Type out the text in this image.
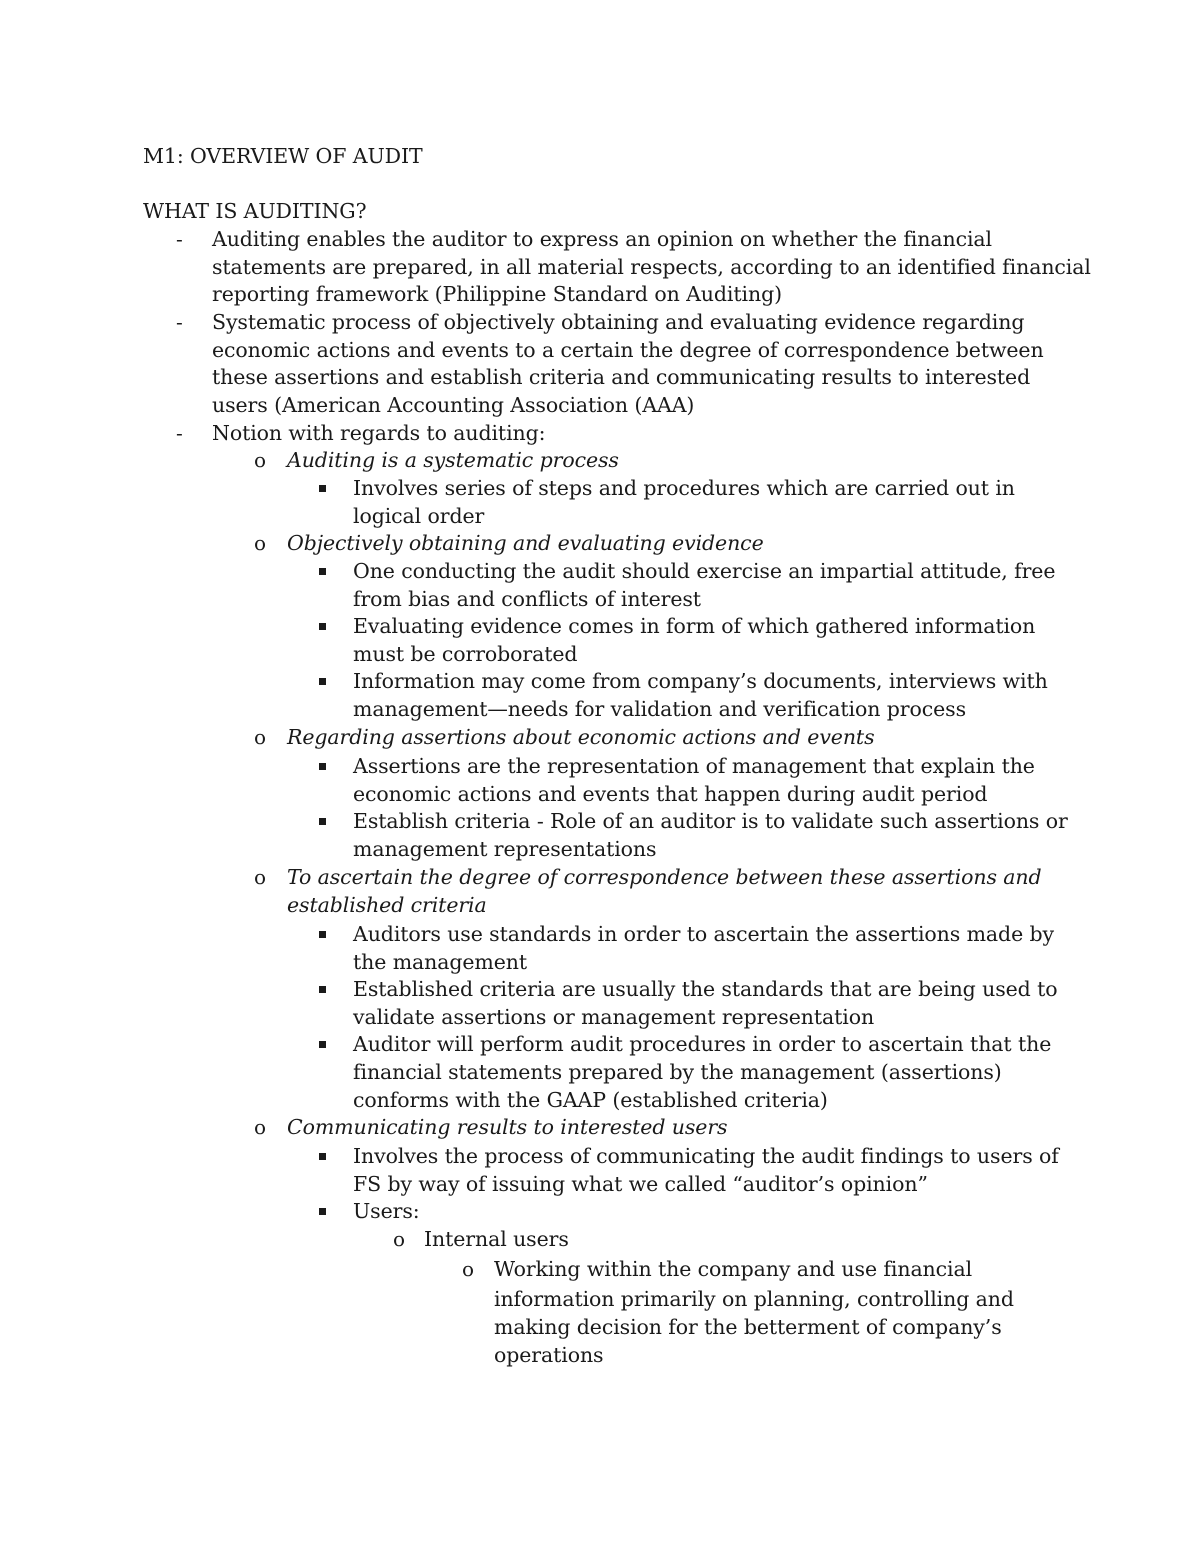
M1: OVERVIEW OF AUDIT
WHAT IS AUDITING?
- Auditing enables the auditor to express an opinion on whether the financial
statements are prepared, in all material respects, according to an identified financial
reporting framework (Philippine Standard on Auditing)
- Systematic process of objectively obtaining and evaluating evidence regarding
economic actions and events to a certain the degree of correspondence between
these assertions and establish criteria and communicating results to interested
users (American Accounting Association (AAA)
- Notion with regards to auditing:
o Auditing is a systematic process
Involves series of steps and procedures which are carried out in
logical order
o Objectively obtaining and evaluating evidence
One conducting the audit should exercise an impartial attitude, free
from bias and conflicts of interest
Evaluating evidence comes in form of which gathered information
must be corroborated
Information may come from company’s documents, interviews with
management—needs for validation and verification process
o Regarding assertions about economic actions and events
Assertions are the representation of management that explain the
economic actions and events that happen during audit period
Establish criteria - Role of an auditor is to validate such assertions or
management representations
o To ascertain the degree of correspondence between these assertions and
established criteria
Auditors use standards in order to ascertain the assertions made by
the management
Established criteria are usually the standards that are being used to
validate assertions or management representation
Auditor will perform audit procedures in order to ascertain that the
financial statements prepared by the management (assertions)
conforms with the GAAP (established criteria)
o Communicating results to interested users
Involves the process of communicating the audit findings to users of
FS by way of issuing what we called “auditor’s opinion”
Users:
o Internal users
o Working within the company and use financial
information primarily on planning, controlling and
making decision for the betterment of company’s
operations
